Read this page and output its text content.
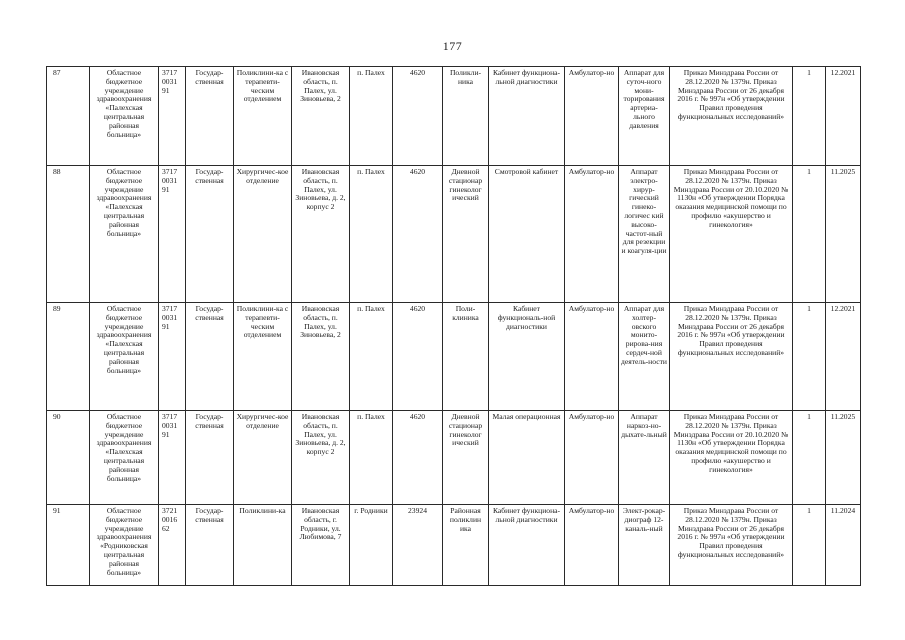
177
87	Областное бюджетное учреждение здравоохранения «Палехская центральная районная больница»	3717 0031 91	Государ-ственная	Поликлини-ка с терапевти-ческим отделением	Ивановская область, п. Палех, ул. Зиновьева, 2	п. Палех	4620	Поликли-ника	Кабинет функциона-льной диагностики	Амбулатор-но	Аппарат для суточ-ного мони-торирования артериа-льного давления	Приказ Минздрава России от 28.12.2020 № 1379н. Приказ Минздрава России от 26 декабря 2016 г. № 997н «Об утверждении Правил проведения функциональных исследований»	1	12.2021
88	Областное бюджетное учреждение здравоохранения «Палехская центральная районная больница»	3717 0031 91	Государ-ственная	Хирургичес-кое отделение	Ивановская область, п. Палех, ул. Зиновьева, д. 2, корпус 2	п. Палех	4620	Дневной стационар гинеколог ический	Смотровой кабинет	Амбулатор-но	Аппарат электро-хирур-гический гинеко-логичес кий высоко-частот-ный для резекции и коагуля-ции	Приказ Минздрава России от 28.12.2020 № 1379н. Приказ Минздрава России от 20.10.2020 № 1130н «Об утверждении Порядка оказания медицинской помощи по профилю «акушерство и гинекология»	1	11.2025
89	Областное бюджетное учреждение здравоохранения «Палехская центральная районная больница»	3717 0031 91	Государ-ственная	Поликлини-ка с терапевти-ческим отделением	Ивановская область, п. Палех, ул. Зиновьева, 2	п. Палех	4620	Поли-клиника	Кабинет функциональ-ной диагностики	Амбулатор-но	Аппарат для холтер-овского монито-рирова-ния сердеч-ной деятель-ности	Приказ Минздрава России от 28.12.2020 № 1379н. Приказ Минздрава России от 26 декабря 2016 г. № 997н «Об утверждении Правил проведения функциональных исследований»	1	12.2021
90	Областное бюджетное учреждение здравоохранения «Палехская центральная районная больница»	3717 0031 91	Государ-ственная	Хирургичес-кое отделение	Ивановская область, п. Палех, ул. Зиновьева, д. 2, корпус 2	п. Палех	4620	Дневной стационар гинеколог ический	Малая операционная	Амбулатор-но	Аппарат наркоз-но-дыхате-льный	Приказ Минздрава России от 28.12.2020 № 1379н. Приказ Минздрава России от 20.10.2020 № 1130н «Об утверждении Порядка оказания медицинской помощи по профилю «акушерство и гинекология»	1	11.2025
91	Областное бюджетное учреждение здравоохранения «Родниковская центральная районная больница»	3721 0016 62	Государ-ственная	Поликлини-ка	Ивановская область, г. Родники, ул. Любимова, 7	г. Родники	23924	Районная поликлин ика	Кабинет функциона-льной диагностики	Амбулатор-но	Элект-рокар-диограф 12-каналь-ный	Приказ Минздрава России от 28.12.2020 № 1379н. Приказ Минздрава России от 26 декабря 2016 г. № 997н «Об утверждении Правил проведения функциональных исследований»	1	11.2024
